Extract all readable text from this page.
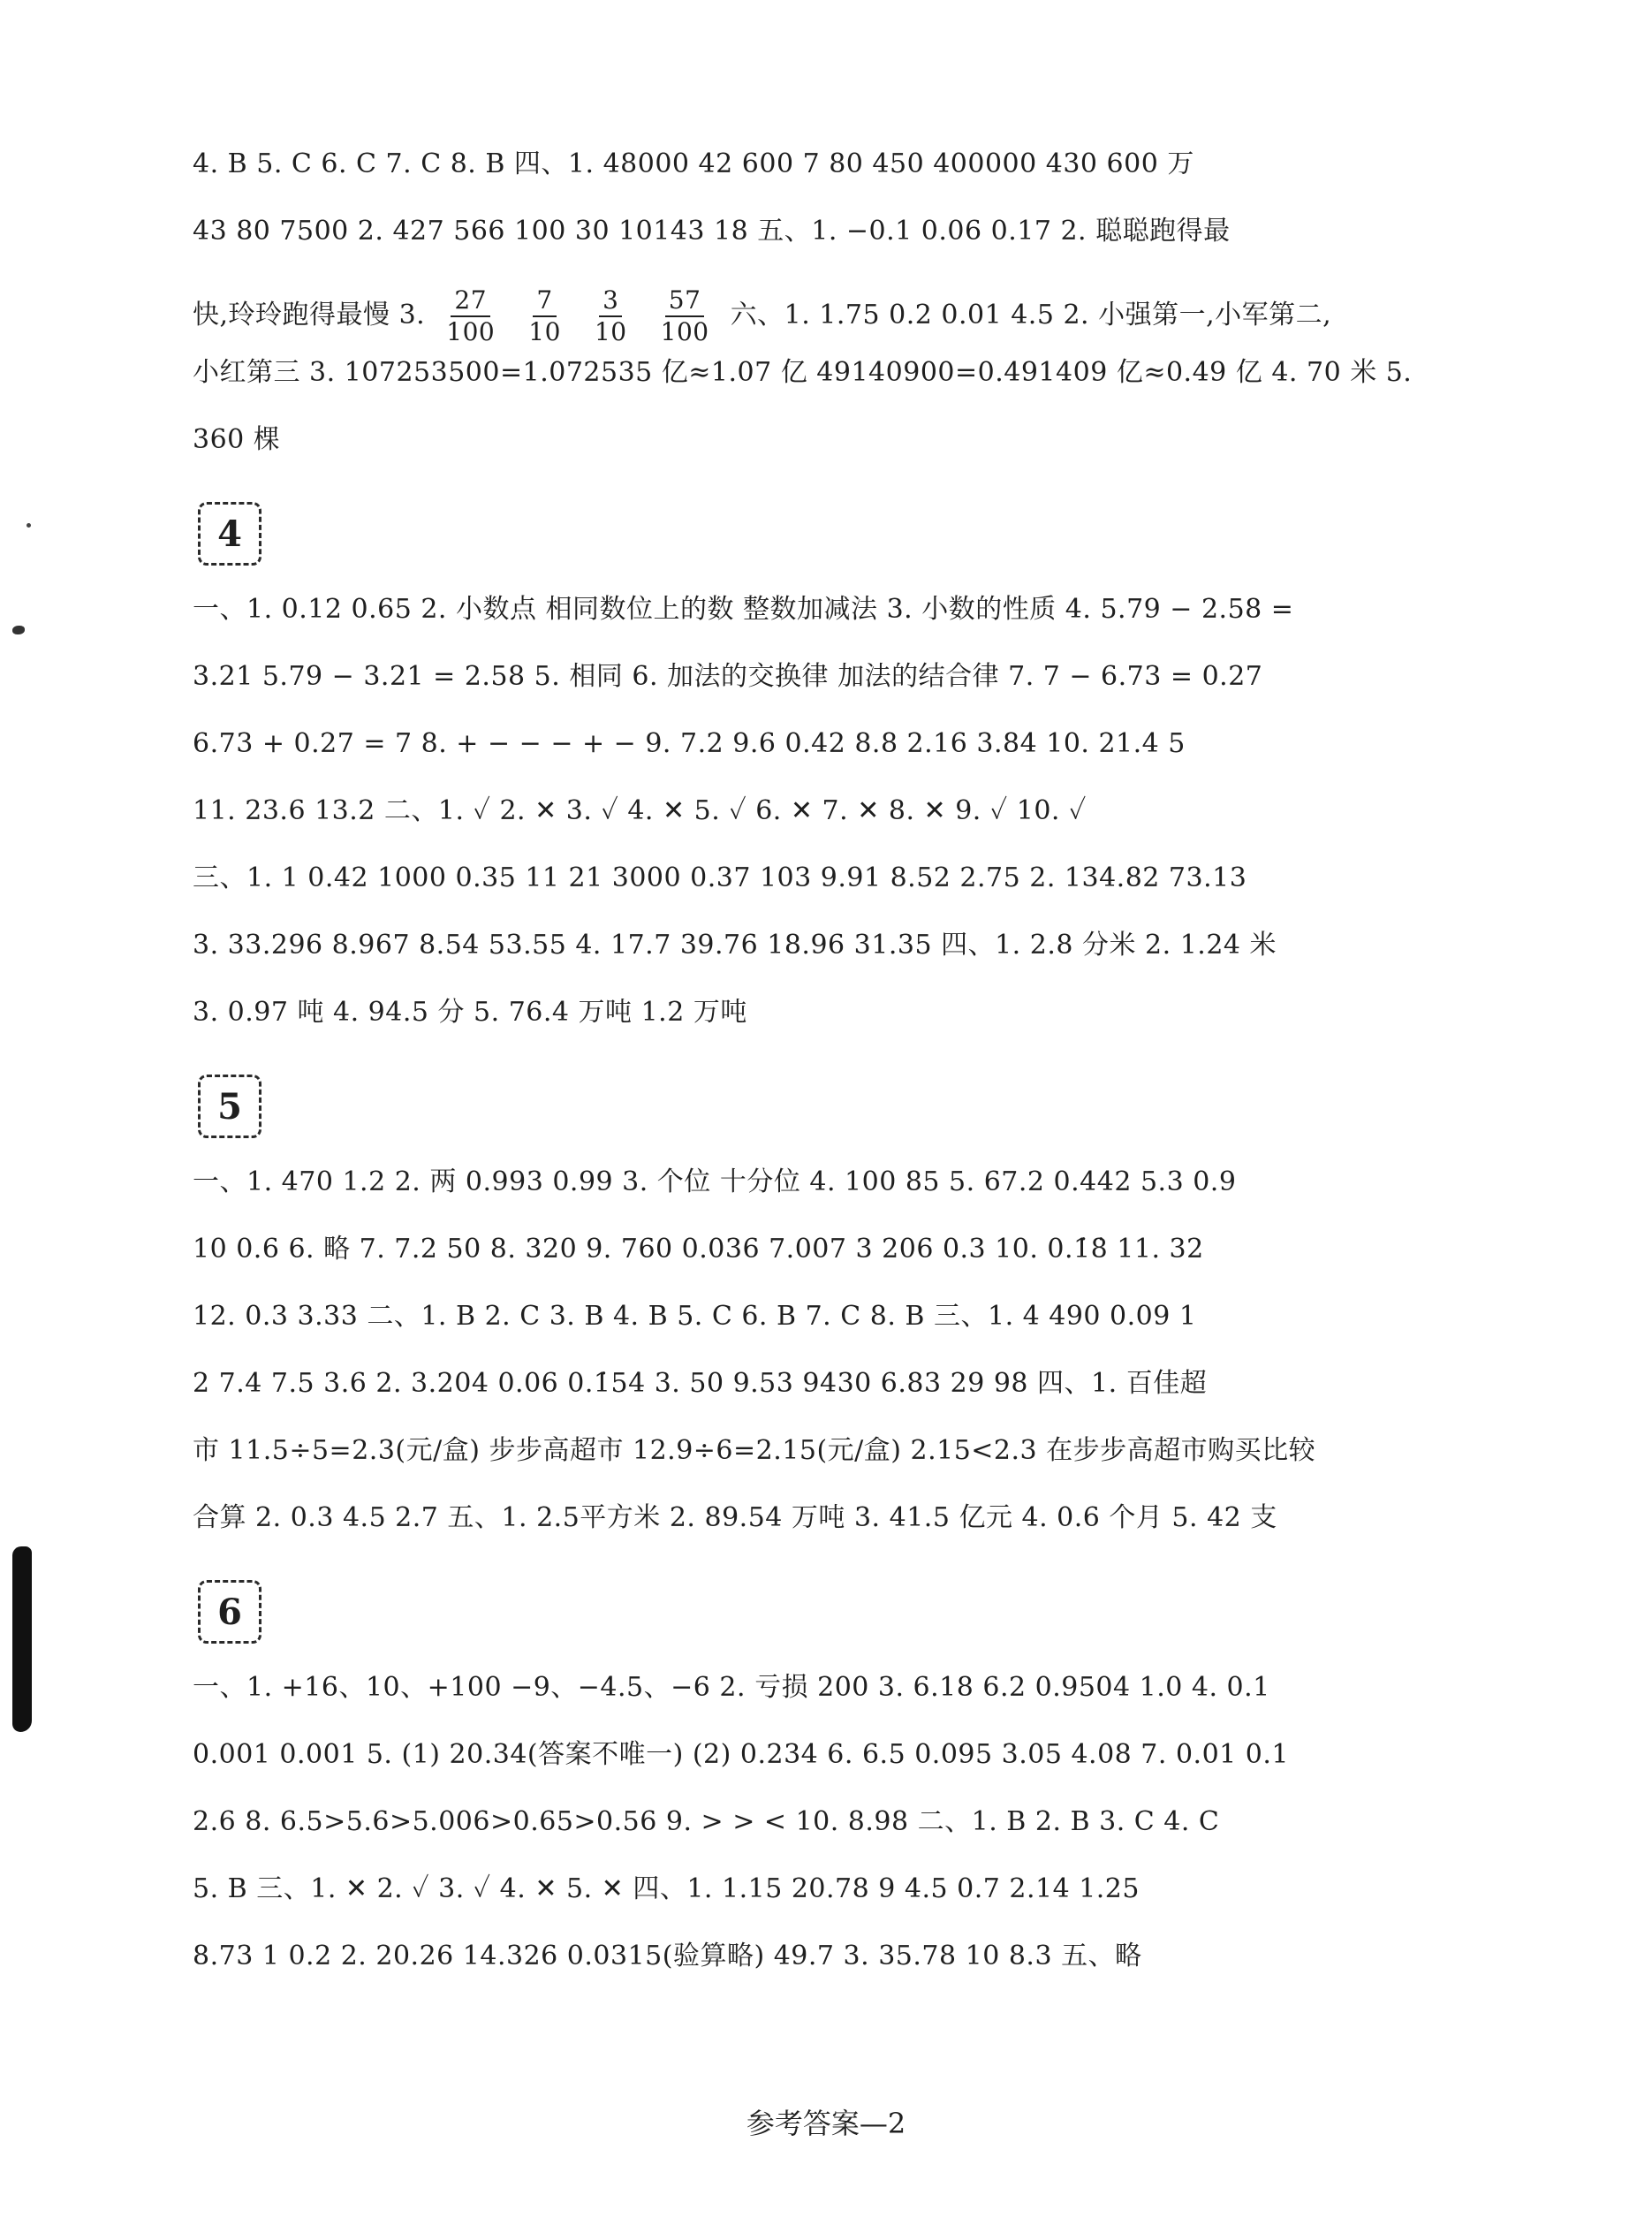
4. B 5. C 6. C 7. C 8. B 四、1. 48000 42 600 7 80 450 400000 430 600 万
43 80 7500 2. 427 566 100 30 10143 18 五、1. −0.1 0.06 0.17 2. 聪聪跑得最
快,玲玲跑得最慢 3. $\frac{27}{100}$
$\frac{7}{10}$
$\frac{3}{10}$
$\frac{57}{100}$ 六、1. 1.75 0.2 0.01 4.5 2. 小强第一,小军第二,
小红第三 3. 107253500=1.072535 亿≈1.07 亿 49140900=0.491409 亿≈0.49 亿 4. 70 米 5.
360 棵
4
一、1. 0.12 0.65 2. 小数点 相同数位上的数 整数加减法 3. 小数的性质 4. 5.79 − 2.58 =
3.21 5.79 − 3.21 = 2.58 5. 相同 6. 加法的交换律 加法的结合律 7. 7 − 6.73 = 0.27
6.73 + 0.27 = 7 8. + − − − + − 9. 7.2 9.6 0.42 8.8 2.16 3.84 10. 21.4 5
11. 23.6 13.2 二、1. ✓ 2. ✕ 3. ✓ 4. ✕ 5. ✓ 6. ✕ 7. ✕ 8. ✕ 9. ✓ 10. ✓
三、1. 1 0.42 1000 0.35 11 21 3000 0.37 103 9.91 8.52 2.75 2. 134.82 73.13
3. 33.296 8.967 8.54 53.55 4. 17.7 39.76 18.96 31.35 四、1. 2.8 分米 2. 1.24 米
3. 0.97 吨 4. 94.5 分 5. 76.4 万吨 1.2 万吨
5
一、1. 470 1.2 2. 两 0.993 0.99 3. 个位 十分位 4. 100 85 5. 67.2 0.442 5.3 0.9
10 0.6 6. 略 7. 7.2 50 8. 320 9. 760 0.036 7.007 3 206 0.3 10. 0.1̇8̇ 11. 32
12. 0.3 3.33 二、1. B 2. C 3. B 4. B 5. C 6. B 7. C 8. B 三、1. 4 490 0.09 1
2 7.4 7.5 3.6 2. 3.204 0.06 0.1̇54̇ 3. 50 9.53 9430 6.83 29 98 四、1. 百佳超
市 11.5÷5=2.3(元/盒) 步步高超市 12.9÷6=2.15(元/盒) 2.15<2.3 在步步高超市购买比较
合算 2. 0.3 4.5 2.7 五、1. 2.5平方米 2. 89.54 万吨 3. 41.5 亿元 4. 0.6 个月 5. 42 支
6
一、1. +16、10、+100 −9、−4.5、−6 2. 亏损 200 3. 6.18 6.2 0.9504 1.0 4. 0.1
0.001 0.001 5. (1) 20.34(答案不唯一) (2) 0.234 6. 6.5 0.095 3.05 4.08 7. 0.01 0.1
2.6 8. 6.5>5.6>5.006>0.65>0.56 9. > > < 10. 8.98 二、1. B 2. B 3. C 4. C
5. B 三、1. ✕ 2. ✓ 3. ✓ 4. ✕ 5. ✕ 四、1. 1.15 20.78 9 4.5 0.7 2.14 1.25
8.73 1 0.2 2. 20.26 14.326 0.0315(验算略) 49.7 3. 35.78 10 8.3 五、略
参考答案—2
